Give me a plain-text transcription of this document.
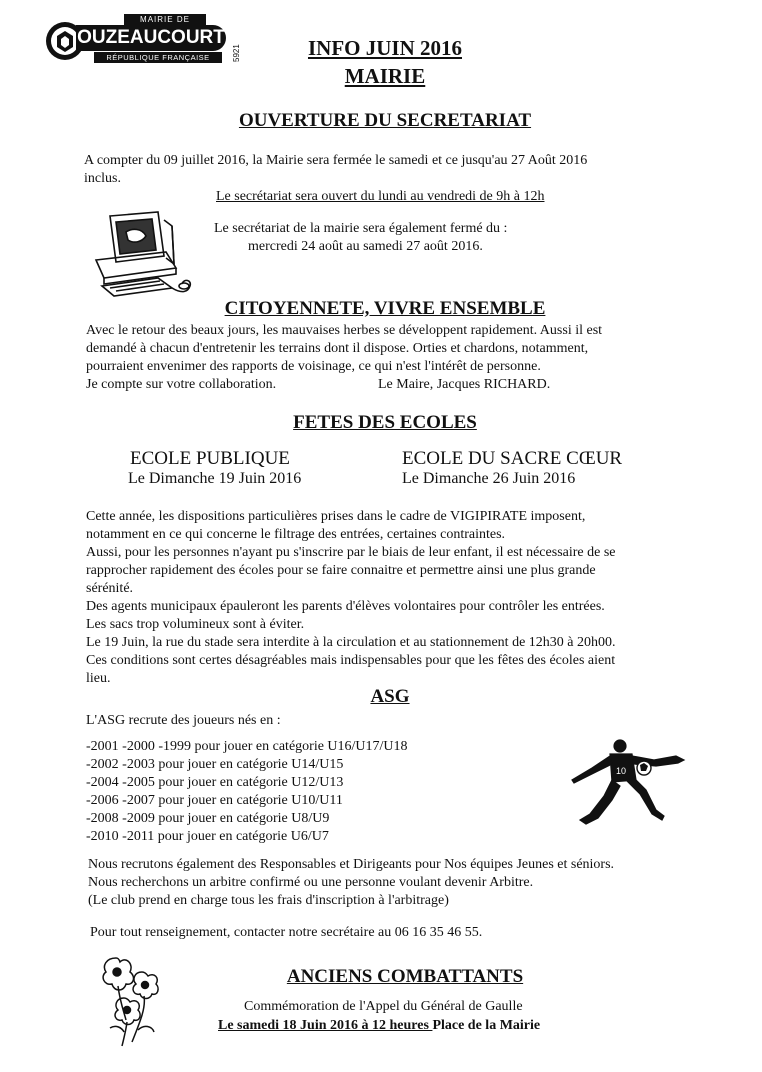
MAIRIE DE
OUZEAUCOURT
RÉPUBLIQUE FRANÇAISE	5921	INFO JUIN 2016
MAIRIE
OUVERTURE DU SECRETARIAT
A compter du 09 juillet 2016, la Mairie sera fermée le samedi et ce jusqu'au 27 Août 2016
inclus.
Le secrétariat sera ouvert du lundi au vendredi de 9h à 12h
Le secrétariat de la mairie sera également fermé du :
mercredi 24 août au samedi 27 août 2016.
CITOYENNETE, VIVRE ENSEMBLE
Avec le retour des beaux jours, les mauvaises herbes se développent rapidement. Aussi il est
demandé à chacun d'entretenir les terrains dont il dispose. Orties et chardons, notamment,
pourraient envenimer des rapports de voisinage, ce qui n'est l'intérêt de personne.
Je compte sur votre collaboration.	Le Maire, Jacques RICHARD.
FETES DES ECOLES
ECOLE PUBLIQUE
Le Dimanche 19 Juin 2016
ECOLE DU SACRE CŒUR
Le Dimanche 26 Juin 2016
Cette année, les dispositions particulières prises dans le cadre de VIGIPIRATE imposent,
notamment en ce qui concerne le filtrage des entrées, certaines contraintes.
Aussi, pour les personnes n'ayant pu s'inscrire par le biais de leur enfant, il est nécessaire de se
rapprocher rapidement des écoles pour se faire connaitre et permettre ainsi une plus grande
sérénité.
Des agents municipaux épauleront les parents d'élèves volontaires pour contrôler les entrées.
Les sacs trop volumineux sont à éviter.
Le 19 Juin, la rue du stade sera interdite à la circulation et au stationnement de 12h30 à 20h00.
Ces conditions sont certes désagréables mais indispensables pour que les fêtes des écoles aient
lieu.
ASG
L'ASG recrute des joueurs nés en :
-2001 -2000 -1999 pour jouer en catégorie U16/U17/U18
-2002 -2003 pour jouer en catégorie U14/U15
-2004 -2005 pour jouer en catégorie U12/U13
-2006 -2007 pour jouer en catégorie U10/U11
-2008 -2009 pour jouer en catégorie U8/U9
-2010 -2011 pour jouer en catégorie U6/U7
10
Nous recrutons également des Responsables et Dirigeants pour Nos équipes Jeunes et séniors.
Nous recherchons un arbitre confirmé ou une personne voulant devenir Arbitre.
(Le club prend en charge tous les frais d'inscription à l'arbitrage)
Pour tout renseignement, contacter notre secrétaire au 06 16 35 46 55.
ANCIENS COMBATTANTS
Commémoration de l'Appel du Général de Gaulle
Le samedi 18 Juin 2016 à 12 heures Place de la Mairie
